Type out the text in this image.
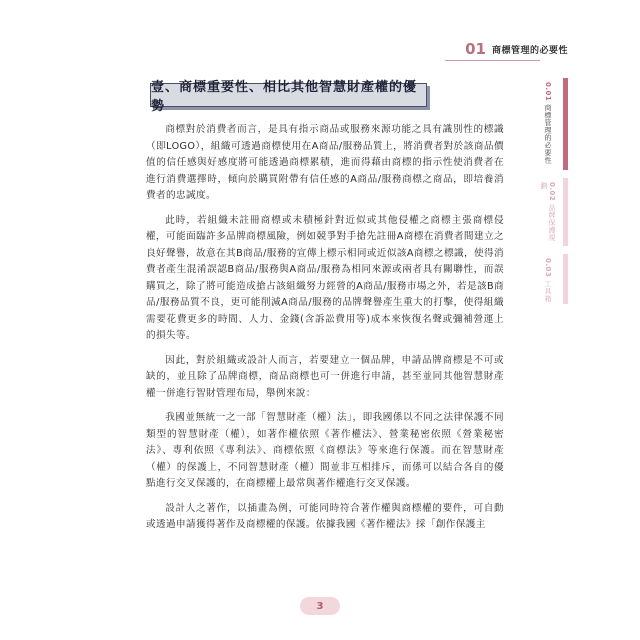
01 商標管理的必要性
0.01 商標管理的必要性
0.02 品牌保護規劃
0.03 工具箱
壹、商標重要性、相比其他智慧財產權的優勢

商標對於消費者而言，是具有指示商品或服務來源功能之具有識別性的標識（即LOGO），組織可透過商標使用在A商品/服務品質上，將消費者對於該商品價值的信任感與好感度將可能透過商標累積，進而得藉由商標的指示性使消費者在進行消費選擇時，傾向於購買附帶有信任感的A商品/服務商標之商品，即培養消費者的忠誠度。

此時，若組織未註冊商標或未積極針對近似或其他侵權之商標主張商標侵權，可能面臨許多品牌商標風險，例如競爭對手搶先註冊A商標在消費者間建立之良好聲譽，故意在其B商品/服務的宣傳上標示相同或近似該A商標之標識，使得消費者產生混淆誤認B商品/服務與A商品/服務為相同來源或兩者具有關聯性，而誤購買之，除了將可能造成搶占該組織努力經營的A商品/服務市場之外，若是該B商品/服務品質不良，更可能削減A商品/服務的品牌聲譽產生重大的打擊，使得組織需要花費更多的時間、人力、金錢(含訴訟費用等)成本來恢復名聲或彌補營運上的損失等。

因此，對於組織或設計人而言，若要建立一個品牌，申請品牌商標是不可或缺的，並且除了品牌商標，商品商標也可一併進行申請，甚至並同其他智慧財產權一併進行智財管理布局，舉例來說：

我國並無統一之一部「智慧財產（權）法」，即我國係以不同之法律保護不同類型的智慧財產（權），如著作權依照《著作權法》、營業秘密依照《營業秘密法》、專利依照《專利法》、商標依照《商標法》等來進行保護。而在智慧財產（權）的保護上，不同智慧財產（權）間並非互相排斥，而係可以結合各自的優點進行交叉保護的，在商標權上最常與著作權進行交叉保護。

設計人之著作，以插畫為例，可能同時符合著作權與商標權的要件，可自動或透過申請獲得著作及商標權的保護。依據我國《著作權法》採「創作保護主

3
